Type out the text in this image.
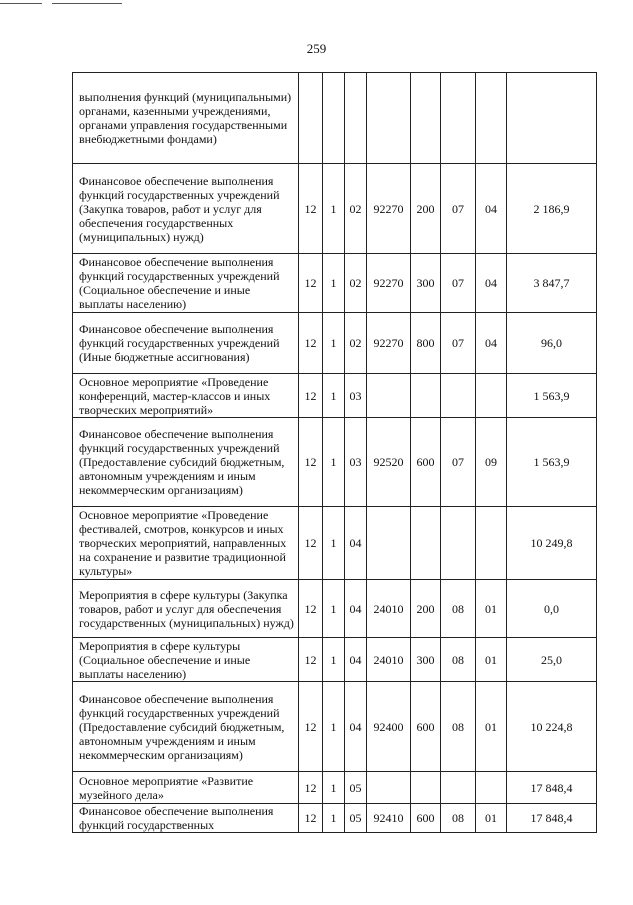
259
выполнения функций (муниципальными) органами, казенными учреждениями, органами управления государственными внебюджетными фондами)								
Финансовое обеспечение выполнения функций государственных учреждений (Закупка товаров, работ и услуг для обеспечения государственных (муниципальных) нужд)	12	1	02	92270	200	07	04	2 186,9
Финансовое обеспечение выполнения функций государственных учреждений (Социальное обеспечение и иные выплаты населению)	12	1	02	92270	300	07	04	3 847,7
Финансовое обеспечение выполнения функций государственных учреждений (Иные бюджетные ассигнования)	12	1	02	92270	800	07	04	96,0
Основное мероприятие «Проведение конференций, мастер-классов и иных творческих мероприятий»	12	1	03					1 563,9
Финансовое обеспечение выполнения функций государственных учреждений (Предоставление субсидий бюджетным, автономным учреждениям и иным некоммерческим организациям)	12	1	03	92520	600	07	09	1 563,9
Основное мероприятие «Проведение фестивалей, смотров, конкурсов и иных творческих мероприятий, направленных на сохранение и развитие традиционной культуры»	12	1	04					10 249,8
Мероприятия в сфере культуры (Закупка товаров, работ и услуг для обеспечения государственных (муниципальных) нужд)	12	1	04	24010	200	08	01	0,0
Мероприятия в сфере культуры (Социальное обеспечение и иные выплаты населению)	12	1	04	24010	300	08	01	25,0
Финансовое обеспечение выполнения функций государственных учреждений (Предоставление субсидий бюджетным, автономным учреждениям и иным некоммерческим организациям)	12	1	04	92400	600	08	01	10 224,8
Основное мероприятие «Развитие музейного дела»	12	1	05					17 848,4
Финансовое обеспечение выполнения функций государственных	12	1	05	92410	600	08	01	17 848,4
